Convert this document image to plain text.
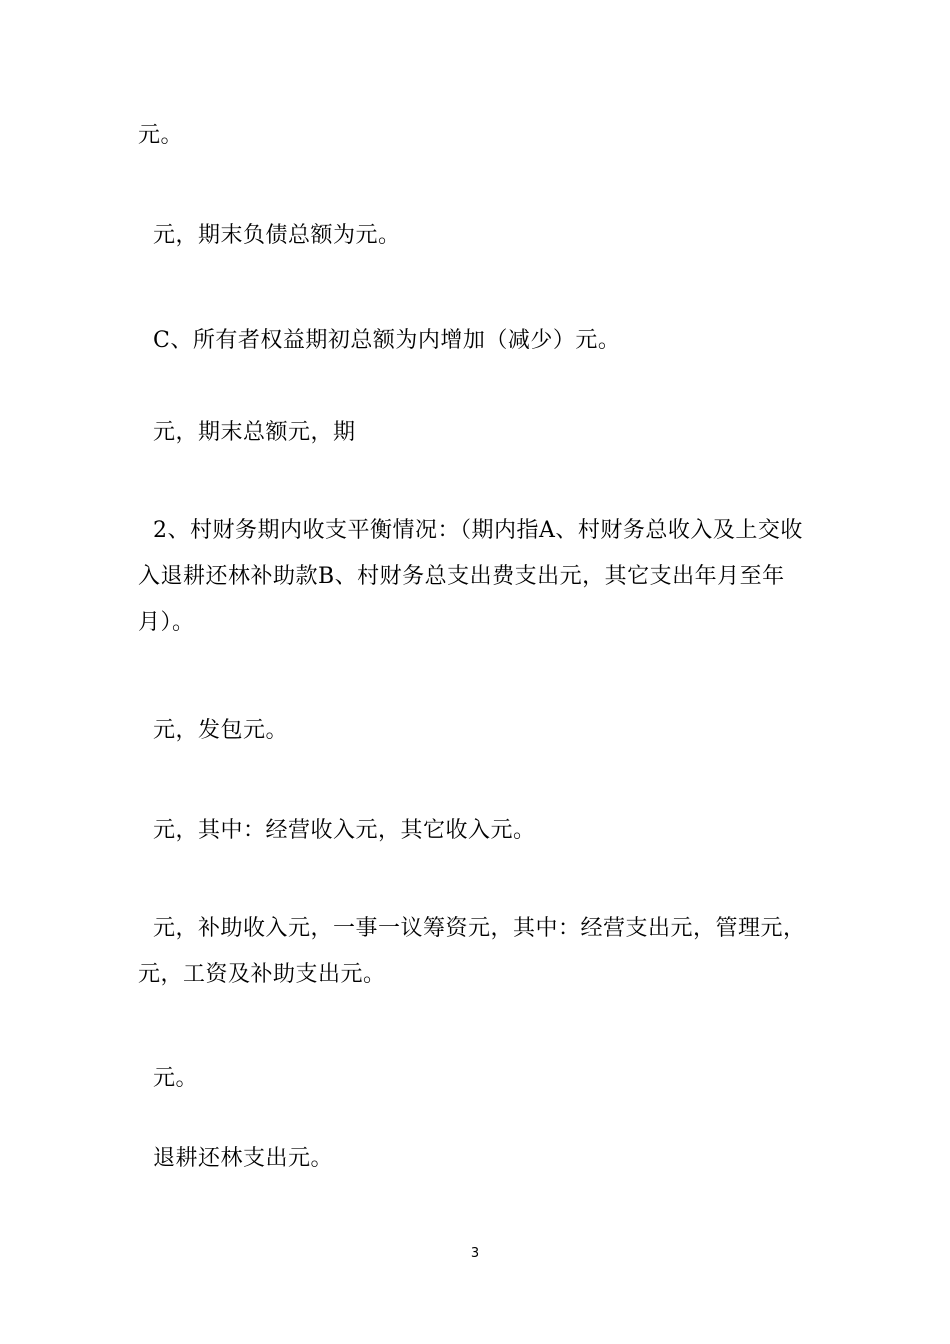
元。
元，期末负债总额为元。
C、所有者权益期初总额为内增加（减少）元。
元，期末总额元，期
2、村财务期内收支平衡情况：（期内指A、村财务总收入及上交收入退耕还林补助款B、村财务总支出费支出元，其它支出年月至年月）。
元，发包元。
元，其中：经营收入元，其它收入元。
元，补助收入元，一事一议筹资元，其中：经营支出元，管理元，元，工资及补助支出元。
元。
退耕还林支出元。
3
